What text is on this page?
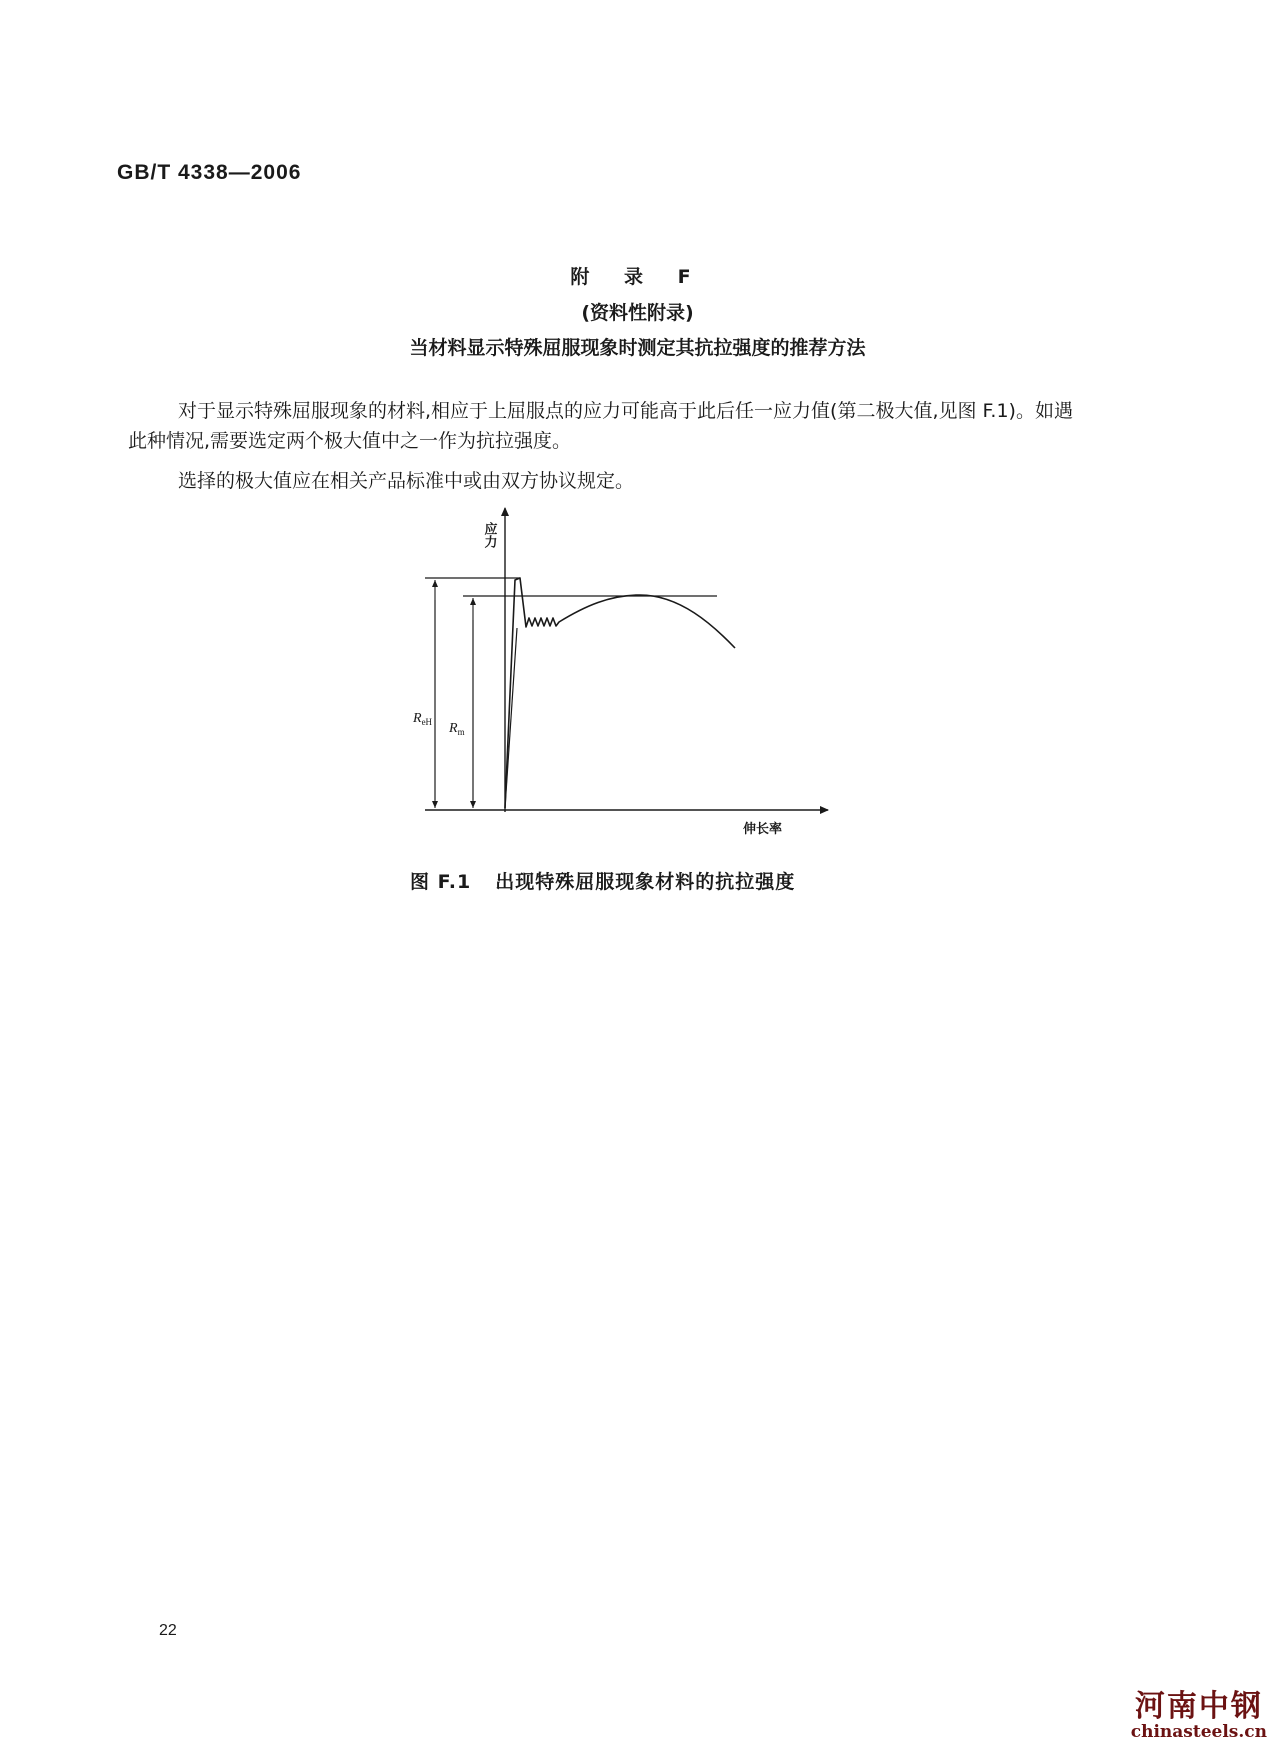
GB/T 4338—2006
附 录 F
(资料性附录)
当材料显示特殊屈服现象时测定其抗拉强度的推荐方法
对于显示特殊屈服现象的材料,相应于上屈服点的应力可能高于此后任一应力值(第二极大值,见图 F.1)。如遇此种情况,需要选定两个极大值中之一作为抗拉强度。
选择的极大值应在相关产品标准中或由双方协议规定。
应力
伸长率
ReH Rm
图 F.1 出现特殊屈服现象材料的抗拉强度
22
河南中钢
chinasteels.cn
